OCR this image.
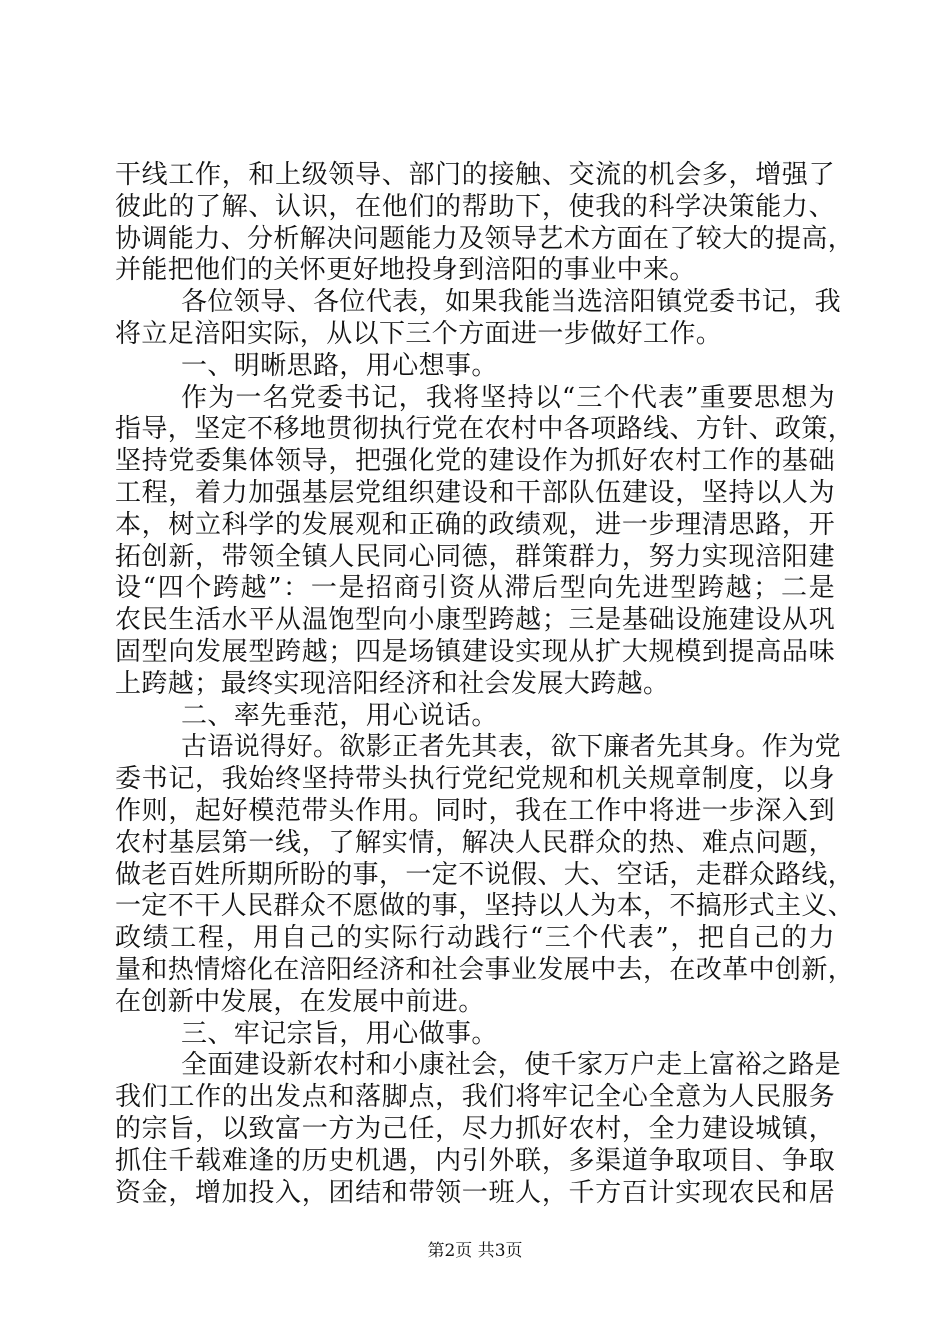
干线工作，和上级领导、部门的接触、交流的机会多，增强了
彼此的了解、认识，在他们的帮助下，使我的科学决策能力、
协调能力、分析解决问题能力及领导艺术方面在了较大的提高，
并能把他们的关怀更好地投身到涪阳的事业中来。
各位领导、各位代表，如果我能当选涪阳镇党委书记，我
将立足涪阳实际，从以下三个方面进一步做好工作。
一、明晰思路，用心想事。
作为一名党委书记，我将坚持以“三个代表”重要思想为
指导，坚定不移地贯彻执行党在农村中各项路线、方针、政策，
坚持党委集体领导，把强化党的建设作为抓好农村工作的基础
工程，着力加强基层党组织建设和干部队伍建设，坚持以人为
本，树立科学的发展观和正确的政绩观，进一步理清思路，开
拓创新，带领全镇人民同心同德，群策群力，努力实现涪阳建
设“四个跨越”：一是招商引资从滞后型向先进型跨越；二是
农民生活水平从温饱型向小康型跨越；三是基础设施建设从巩
固型向发展型跨越；四是场镇建设实现从扩大规模到提高品味
上跨越；最终实现涪阳经济和社会发展大跨越。
二、率先垂范，用心说话。
古语说得好。欲影正者先其表，欲下廉者先其身。作为党
委书记，我始终坚持带头执行党纪党规和机关规章制度，以身
作则，起好模范带头作用。同时，我在工作中将进一步深入到
农村基层第一线，了解实情，解决人民群众的热、难点问题，
做老百姓所期所盼的事，一定不说假、大、空话，走群众路线，
一定不干人民群众不愿做的事，坚持以人为本，不搞形式主义、
政绩工程，用自己的实际行动践行“三个代表”，把自己的力
量和热情熔化在涪阳经济和社会事业发展中去，在改革中创新，
在创新中发展，在发展中前进。
三、牢记宗旨，用心做事。
全面建设新农村和小康社会，使千家万户走上富裕之路是
我们工作的出发点和落脚点，我们将牢记全心全意为人民服务
的宗旨，以致富一方为己任，尽力抓好农村，全力建设城镇，
抓住千载难逢的历史机遇，内引外联，多渠道争取项目、争取
资金，增加投入，团结和带领一班人，千方百计实现农民和居
第2页 共3页
